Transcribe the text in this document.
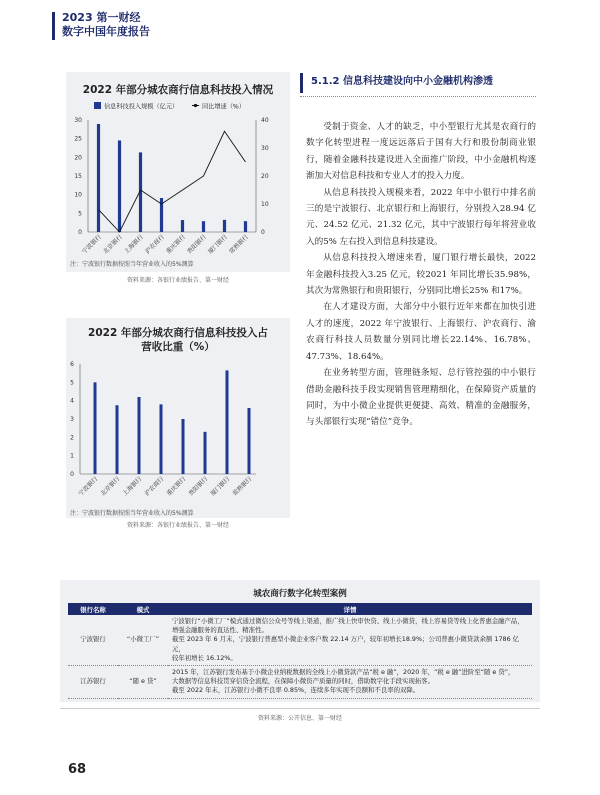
2023 第一财经
数字中国年度报告
2022 年部分城农商行信息科技投入情况
信息科技投入规模（亿元）	同比增速（%）
0
5
10
15
20
25
30
0
10
20
30
40
宁波银行 北京银行 上海银行 沪农商行 重庆银行 贵阳银行 厦门银行 常熟银行
注：宁波银行数据按照当年营业收入的5%测算
资料来源：各银行业绩报告、第一财经
2022 年部分城农商行信息科技投入占
营收比重（%）
0
1
2
3
4
5
6
宁波银行 北京银行 上海银行 沪农商行 重庆银行 贵阳银行 厦门银行 常熟银行
注：宁波银行数据按照当年营业收入的5%测算
资料来源：各银行业绩报告、第一财经
5.1.2 信息科技建设向中小金融机构渗透

受制于资金、人才的缺乏，中小型银行尤其是农商行的数字化转型进程一度远远落后于国有大行和股份制商业银行，随着金融科技建设进入全面推广阶段，中小金融机构逐渐加大对信息科技和专业人才的投入力度。

从信息科技投入规模来看，2022 年中小银行中排名前三的是宁波银行、北京银行和上海银行，分别投入28.94 亿元、24.52 亿元、21.32 亿元，其中宁波银行每年将营业收入的5% 左右投入到信息科技建设。

从信息科技投入增速来看，厦门银行增长最快，2022 年金融科技投入3.25 亿元，较2021 年同比增长35.98%，其次为常熟银行和贵阳银行，分别同比增长25% 和17%。

在人才建设方面，大部分中小银行近年来都在加快引进人才的速度，2022 年宁波银行、上海银行、沪农商行、渝农商行科技人员数量分别同比增长22.14%、16.78%、47.73%、18.64%。

在业务转型方面，管理链条短、总行管控强的中小银行借助金融科技手段实现销售管理精细化，在保障资产质量的同时，为中小微企业提供更便捷、高效、精准的金融服务，与头部银行实现“错位”竞争。

城农商行数字化转型案例
银行名称	模式	详情
宁波银行	“小微工厂”	宁波银行“小微工厂”模式通过微信公众号等线上渠道，推广线上快审快贷、线上小微贷，线上容易贷等线上化普惠金融产品，
增强金融服务的直达性、精准性。
截至 2023 年 6 月末，宁波银行普惠型小微企业客户数 22.14 万户，较年初增长18.9%；公司普惠小微贷款余额 1786 亿元，
较年初增长 16.12%。

江苏银行	“随 e 贷”	2015 年，江苏银行发布基于小微企业纳税数据的全线上小微贷款产品“税 e 融”，2020 年，“税 e 融”进阶至“随 e 贷”，
大数据等信息科技贯穿信贷全流程，在保障小微资产质量的同时，借助数字化手段实现拓客。
截至 2022 年末，江苏银行小微不良率 0.85%，连续多年实现不良额和不良率的双降。
资料来源：公开信息、第一财经
68
